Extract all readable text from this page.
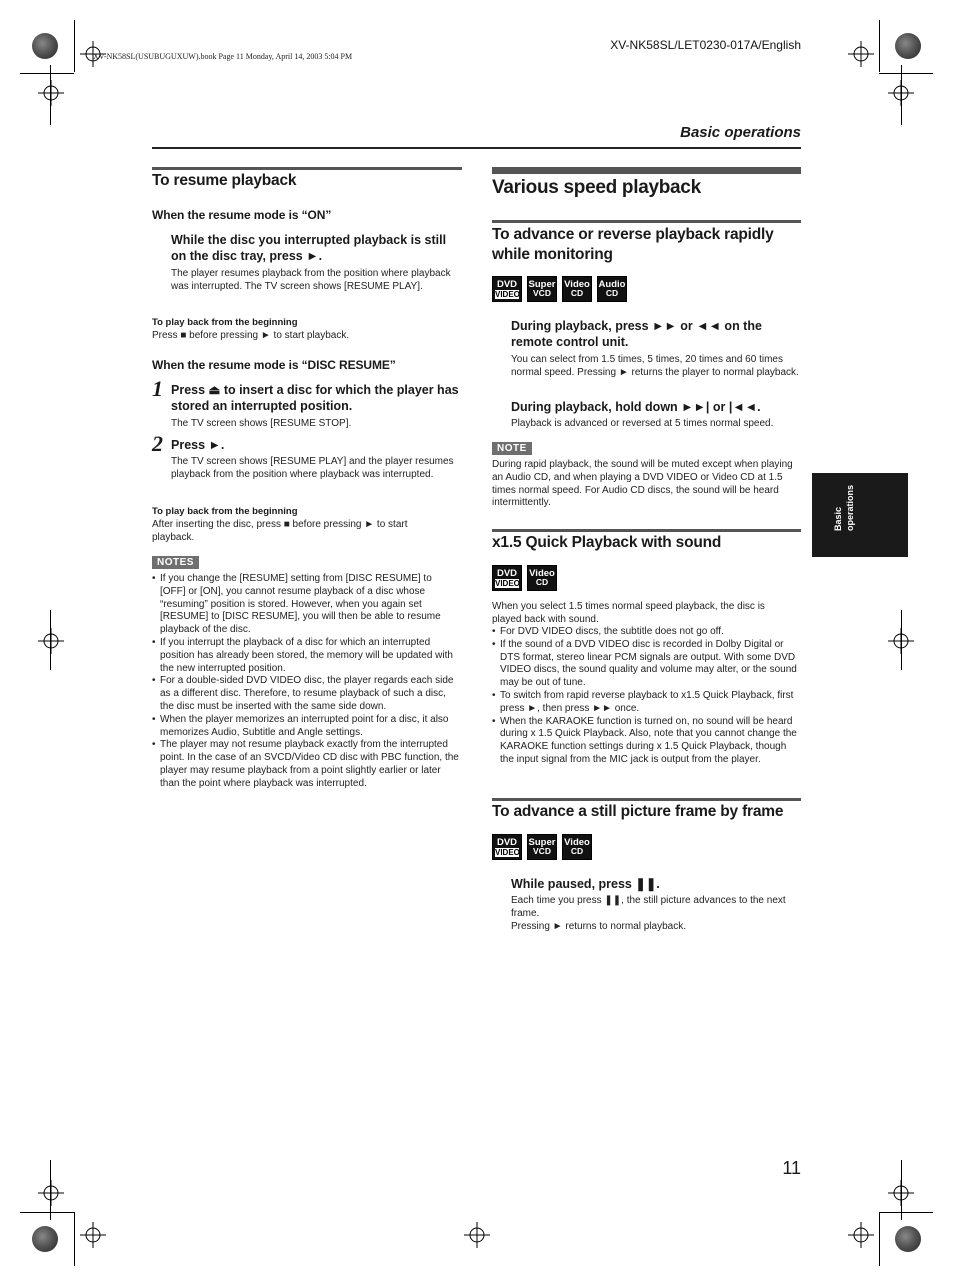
XV-NK58SL(USUBUGUXUW).book Page 11 Monday, April 14, 2003 5:04 PM
XV-NK58SL/LET0230-017A/English
Basic operations
To resume playback
When the resume mode is “ON”
While the disc you interrupted playback is still on the disc tray, press ►.
The player resumes playback from the position where playback was interrupted. The TV screen shows [RESUME PLAY].
To play back from the beginning
Press ■ before pressing ► to start playback.
When the resume mode is “DISC RESUME”
1 Press ⏏ to insert a disc for which the player has stored an interrupted position.
The TV screen shows [RESUME STOP].
2 Press ►.
The TV screen shows [RESUME PLAY] and the player resumes playback from the position where playback was interrupted.
To play back from the beginning
After inserting the disc, press ■ before pressing ► to start playback.
NOTES
• If you change the [RESUME] setting from [DISC RESUME] to [OFF] or [ON], you cannot resume playback of a disc whose “resuming” position is stored. However, when you again set [RESUME] to [DISC RESUME], you will then be able to resume playback of the disc.
• If you interrupt the playback of a disc for which an interrupted position has already been stored, the memory will be updated with the new interrupted position.
• For a double-sided DVD VIDEO disc, the player regards each side as a different disc. Therefore, to resume playback of such a disc, the disc must be inserted with the same side down.
• When the player memorizes an interrupted point for a disc, it also memorizes Audio, Subtitle and Angle settings.
• The player may not resume playback exactly from the interrupted point. In the case of an SVCD/Video CD disc with PBC function, the player may resume playback from a point slightly earlier or later than the point where playback was interrupted.
Various speed playback
To advance or reverse playback rapidly while monitoring
DVD
VIDEO
Super
VCD
Video
CD
Audio
CD
During playback, press ►► or ◄◄ on the remote control unit.
You can select from 1.5 times, 5 times, 20 times and 60 times normal speed. Pressing ► returns the player to normal playback.
During playback, hold down ►►| or |◄◄.
Playback is advanced or reversed at 5 times normal speed.
NOTE
During rapid playback, the sound will be muted except when playing an Audio CD, and when playing a DVD VIDEO or Video CD at 1.5 times normal speed. For Audio CD discs, the sound will be heard intermittently.
x1.5 Quick Playback with sound
DVD
VIDEO
Video
CD
When you select 1.5 times normal speed playback, the disc is played back with sound.
• For DVD VIDEO discs, the subtitle does not go off.
• If the sound of a DVD VIDEO disc is recorded in Dolby Digital or DTS format, stereo linear PCM signals are output. With some DVD VIDEO discs, the sound quality and volume may alter, or the sound may be out of tune.
• To switch from rapid reverse playback to x1.5 Quick Playback, first press ►, then press ►► once.
• When the KARAOKE function is turned on, no sound will be heard during x 1.5 Quick Playback. Also, note that you cannot change the KARAOKE function settings during x 1.5 Quick Playback, though the input signal from the MIC jack is output from the player.
To advance a still picture frame by frame
DVD
VIDEO
Super
VCD
Video
CD
While paused, press ❚❚.
Each time you press ❚❚, the still picture advances to the next frame.
Pressing ► returns to normal playback.
Basic operations
11
